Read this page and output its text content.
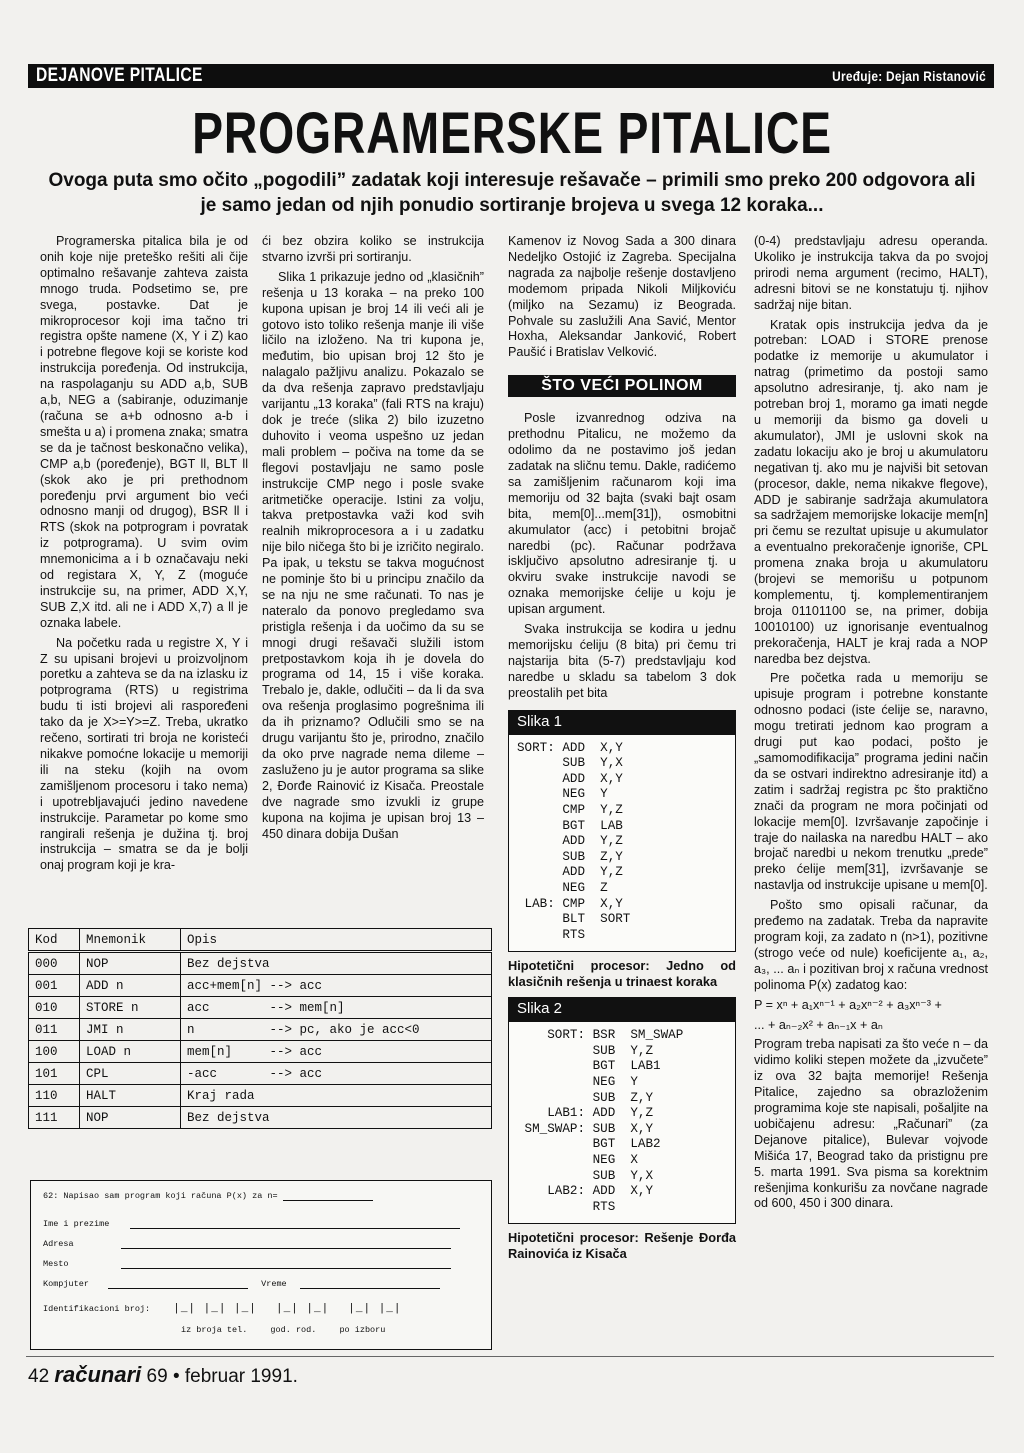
DEJANOVE PITALICE	Uređuje: Dejan Ristanović
PROGRAMERSKE PITALICE
Ovoga puta smo očito „pogodili” zadatak koji interesuje rešavače – primili smo preko 200 odgovora ali je samo jedan od njih ponudio sortiranje brojeva u svega 12 koraka...

Programerska pitalica bila je od onih koje nije preteško rešiti ali čije optimalno rešavanje zahteva zaista mnogo truda. Podsetimo se, pre svega, postavke. Dat je mikroprocesor koji ima tačno tri registra opšte namene (X, Y i Z) kao i potrebne flegove koji se koriste kod instrukcija poređenja. Od instrukcija, na raspolaganju su ADD a,b, SUB a,b, NEG a (sabiranje, oduzimanje (računa se a+b odnosno a-b i smešta u a) i promena znaka; smatra se da je tačnost beskonačno velika), CMP a,b (poređenje), BGT ll, BLT ll (skok ako je pri prethodnom poređenju prvi argument bio veći odnosno manji od drugog), BSR ll i RTS (skok na potprogram i povratak iz potprograma). U svim ovim mnemonicima a i b označavaju neki od registara X, Y, Z (moguće instrukcije su, na primer, ADD X,Y, SUB Z,X itd. ali ne i ADD X,7) a ll je oznaka labele.

Na početku rada u registre X, Y i Z su upisani brojevi u proizvoljnom poretku a zahteva se da na izlasku iz potprograma (RTS) u registrima budu ti isti brojevi ali raspoređeni tako da je X>=Y>=Z. Treba, ukratko rečeno, sortirati tri broja ne koristeći nikakve pomoćne lokacije u memoriji ili na steku (kojih na ovom zamišljenom procesoru i tako nema) i upotrebljavajući jedino navedene instrukcije. Parametar po kome smo rangirali rešenja je dužina tj. broj instrukcija – smatra se da je bolji onaj program koji je kra-

ći bez obzira koliko se instrukcija stvarno izvrši pri sortiranju.

Slika 1 prikazuje jedno od „klasičnih” rešenja u 13 koraka – na preko 100 kupona upisan je broj 14 ili veći ali je gotovo isto toliko rešenja manje ili više ličilo na izloženo. Na tri kupona je, međutim, bio upisan broj 12 što je nalagalo pažljivu analizu. Pokazalo se da dva rešenja zapravo predstavljaju varijantu „13 koraka” (fali RTS na kraju) dok je treće (slika 2) bilo izuzetno duhovito i veoma uspešno uz jedan mali problem – počiva na tome da se flegovi postavljaju ne samo posle instrukcije CMP nego i posle svake aritmetičke operacije. Istini za volju, takva pretpostavka važi kod svih realnih mikroprocesora a i u zadatku nije bilo ničega što bi je izričito negiralo. Pa ipak, u tekstu se takva mogućnost ne pominje što bi u principu značilo da se na nju ne sme računati. To nas je nateralo da ponovo pregledamo sva pristigla rešenja i da uočimo da su se mnogi drugi rešavači služili istom pretpostavkom koja ih je dovela do programa od 14, 15 i više koraka. Trebalo je, dakle, odlučiti – da li da sva ova rešenja proglasimo pogrešnima ili da ih priznamo? Odlučili smo se na drugu varijantu što je, prirodno, značilo da oko prve nagrade nema dileme – zasluženo ju je autor programa sa slike 2, Đorđe Rainović iz Kisača. Preostale dve nagrade smo izvukli iz grupe kupona na kojima je upisan broj 13 – 450 dinara dobija Dušan

Kamenov iz Novog Sada a 300 dinara Nedeljko Ostojić iz Zagreba. Specijalna nagrada za najbolje rešenje dostavljeno modemom pripada Nikoli Miljkoviću (miljko na Sezamu) iz Beograda. Pohvale su zaslužili Ana Savić, Mentor Hoxha, Aleksandar Janković, Robert Paušić i Bratislav Velković.

ŠTO VEĆI POLINOM

Posle izvanrednog odziva na prethodnu Pitalicu, ne možemo da odolimo da ne postavimo još jedan zadatak na sličnu temu. Dakle, radićemo sa zamišljenim računarom koji ima memoriju od 32 bajta (svaki bajt osam bita, mem[0]...mem[31]), osmobitni akumulator (acc) i petobitni brojač naredbi (pc). Računar podržava isključivo apsolutno adresiranje tj. u okviru svake instrukcije navodi se oznaka memorijske ćelije u koju je upisan argument.

Svaka instrukcija se kodira u jednu memorijsku ćeliju (8 bita) pri čemu tri najstarija bita (5-7) predstavljaju kod naredbe u skladu sa tabelom 3 dok preostalih pet bita

Slika 1
SORT: ADD  X,Y
SUB  Y,X
ADD  X,Y
NEG  Y
CMP  Y,Z
BGT  LAB
ADD  Y,Z
SUB  Z,Y
ADD  Y,Z
NEG  Z
LAB: CMP  X,Y
BLT  SORT
RTS
Hipotetični procesor: Jedno od klasičnih rešenja u trinaest koraka
Slika 2
SORT: BSR  SM_SWAP
SUB  Y,Z
BGT  LAB1
NEG  Y
SUB  Z,Y
LAB1: ADD  Y,Z
SM_SWAP: SUB  X,Y
BGT  LAB2
NEG  X
SUB  Y,X
LAB2: ADD  X,Y
RTS
Hipotetični procesor: Rešenje Đorđa Rainovića iz Kisača

(0-4) predstavljaju adresu operanda. Ukoliko je instrukcija takva da po svojoj prirodi nema argument (recimo, HALT), adresni bitovi se ne konstatuju tj. njihov sadržaj nije bitan.

Kratak opis instrukcija jedva da je potreban: LOAD i STORE prenose podatke iz memorije u akumulator i natrag (primetimo da postoji samo apsolutno adresiranje, tj. ako nam je potreban broj 1, moramo ga imati negde u memoriji da bismo ga doveli u akumulator), JMI je uslovni skok na zadatu lokaciju ako je broj u akumulatoru negativan tj. ako mu je najviši bit setovan (procesor, dakle, nema nikakve flegove), ADD je sabiranje sadržaja akumulatora sa sadržajem memorijske lokacije mem[n] pri čemu se rezultat upisuje u akumulator a eventualno prekoračenje ignoriše, CPL promena znaka broja u akumulatoru (brojevi se memorišu u potpunom komplementu, tj. komplementiranjem broja 01101100 se, na primer, dobija 10010100) uz ignorisanje eventualnog prekoračenja, HALT je kraj rada a NOP naredba bez dejstva.

Pre početka rada u memoriju se upisuje program i potrebne konstante odnosno podaci (iste ćelije se, naravno, mogu tretirati jednom kao program a drugi put kao podaci, pošto je „samomodifikacija” programa jedini način da se ostvari indirektno adresiranje itd) a zatim i sadržaj registra pc što praktično znači da program ne mora počinjati od lokacije mem[0]. Izvršavanje započinje i traje do nailaska na naredbu HALT – ako brojač naredbi u nekom trenutku „prede” preko ćelije mem[31], izvršavanje se nastavlja od instrukcije upisane u mem[0].

Pošto smo opisali računar, da pređemo na zadatak. Treba da napravite program koji, za zadato n (n>1), pozitivne (strogo veće od nule) koeficijente a₁, a₂, a₃, ... aₙ i pozitivan broj x računa vrednost polinoma P(x) zadatog kao:

P = xⁿ + a₁xⁿ⁻¹ + a₂xⁿ⁻² + a₃xⁿ⁻³ +

... + aₙ₋₂x² + aₙ₋₁x + aₙ

Program treba napisati za što veće n – da vidimo koliki stepen možete da „izvučete” iz ova 32 bajta memorije! Rešenja Pitalice, zajedno sa obrazloženim programima koje ste napisali, pošaljite na uobičajenu adresu: „Računari” (za Dejanove pitalice), Bulevar vojvode Mišića 17, Beograd tako da pristignu pre 5. marta 1991. Sva pisma sa korektnim rešenjima konkurišu za novčane nagrade od 600, 450 i 300 dinara.

Kod	Mnemonik	Opis
000	NOP	Bez dejstva
001	ADD n	acc+mem[n] --> acc
010	STORE n	acc        --> mem[n]
011	JMI n	n          --> pc, ako je acc<0
100	LOAD n	mem[n]     --> acc
101	CPL	-acc       --> acc
110	HALT	Kraj rada
111	NOP	Bez dejstva
62: Napisao sam program koji računa P(x) za n=
Ime i prezime
Adresa
Mesto
Kompjuter	Vreme
Identifikacioni broj: |_| |_| |_| |_| |_| |_| |_|
iz broja tel.	god. rod.	po izboru
42 računari 69 • februar 1991.
